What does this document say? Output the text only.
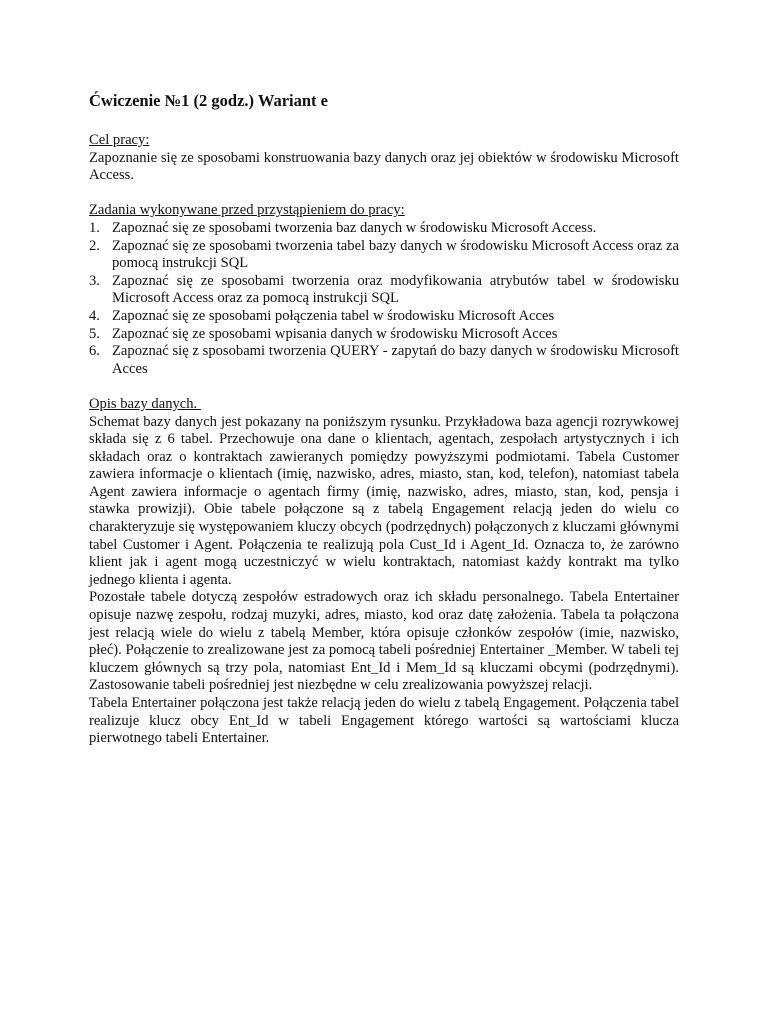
Ćwiczenie №1 (2 godz.) Wariant e

Cel pracy:

Zapoznanie się ze sposobami konstruowania bazy danych oraz jej obiektów w środowisku Microsoft Access.

Zadania wykonywane przed przystąpieniem do pracy:

1. Zapoznać się ze sposobami tworzenia baz danych w środowisku Microsoft Access.
2. Zapoznać się ze sposobami tworzenia tabel bazy danych w środowisku Microsoft Access oraz za pomocą instrukcji SQL
3. Zapoznać się ze sposobami tworzenia oraz modyfikowania atrybutów tabel w środowisku Microsoft Access oraz za pomocą instrukcji SQL
4. Zapoznać się ze sposobami połączenia tabel w środowisku Microsoft Acces
5. Zapoznać się ze sposobami wpisania danych w środowisku Microsoft Acces
6. Zapoznać się z sposobami tworzenia QUERY - zapytań do bazy danych w środowisku Microsoft Acces

Opis bazy danych.

Schemat bazy danych jest pokazany na poniższym rysunku. Przykładowa baza agencji rozrywkowej składa się z 6 tabel. Przechowuje ona dane o klientach, agentach, zespołach artystycznych i ich składach oraz o kontraktach zawieranych pomiędzy powyższymi podmiotami. Tabela Customer zawiera informacje o klientach (imię, nazwisko, adres, miasto, stan, kod, telefon), natomiast tabela Agent zawiera informacje o agentach firmy (imię, nazwisko, adres, miasto, stan, kod, pensja i stawka prowizji). Obie tabele połączone są z tabelą Engagement relacją jeden do wielu co charakteryzuje się występowaniem kluczy obcych (podrzędnych) połączonych z kluczami głównymi tabel Customer i Agent. Połączenia te realizują pola Cust_Id i Agent_Id. Oznacza to, że zarówno klient jak i agent mogą uczestniczyć w wielu kontraktach, natomiast każdy kontrakt ma tylko jednego klienta i agenta.

Pozostałe tabele dotyczą zespołów estradowych oraz ich składu personalnego. Tabela Entertainer opisuje nazwę zespołu, rodzaj muzyki, adres, miasto, kod oraz datę założenia. Tabela ta połączona jest relacją wiele do wielu z tabelą Member, która opisuje członków zespołów (imie, nazwisko, płeć). Połączenie to zrealizowane jest za pomocą tabeli pośredniej Entertainer _Member. W tabeli tej kluczem głównych są trzy pola, natomiast Ent_Id i Mem_Id są kluczami obcymi (podrzędnymi). Zastosowanie tabeli pośredniej jest niezbędne w celu zrealizowania powyższej relacji.

Tabela Entertainer połączona jest także relacją jeden do wielu z tabelą Engagement. Połączenia tabel realizuje klucz obcy Ent_Id w tabeli Engagement którego wartości są wartościami klucza pierwotnego tabeli Entertainer.
